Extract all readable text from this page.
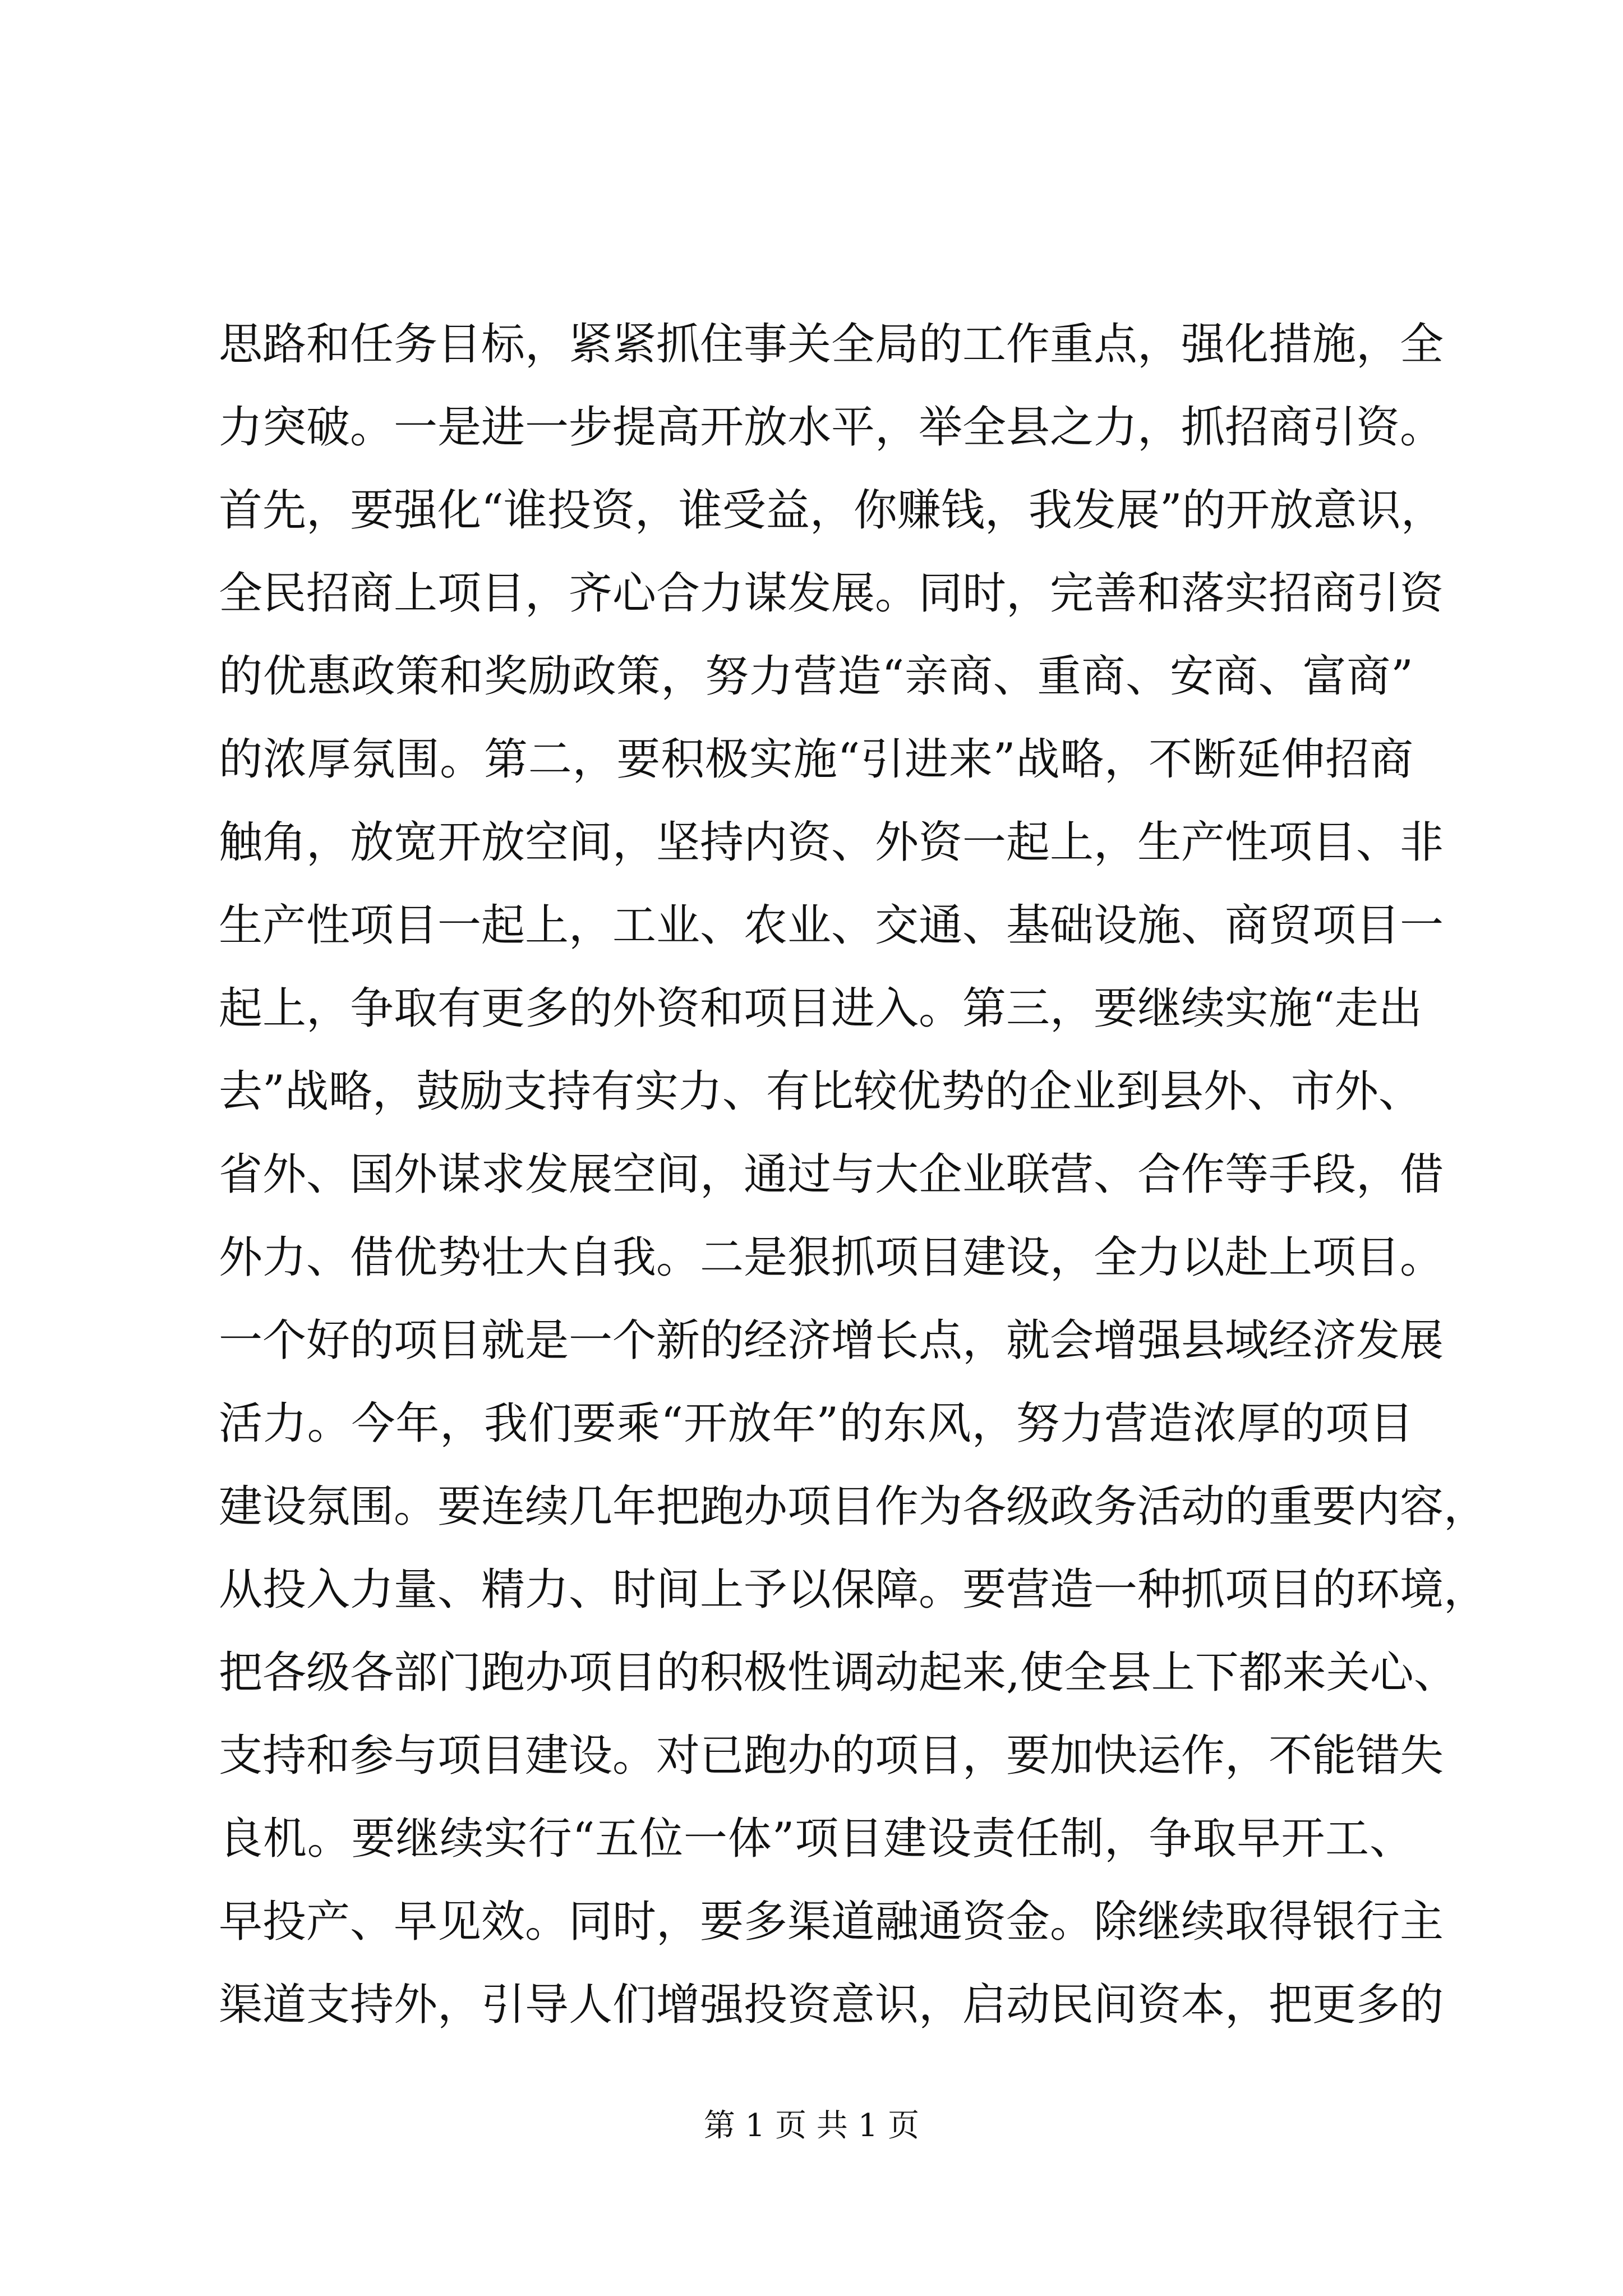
思路和任务目标，紧紧抓住事关全局的工作重点，强化措施，全
力突破。一是进一步提高开放水平，举全县之力，抓招商引资。
首先，要强化“谁投资，谁受益，你赚钱，我发展”的开放意识，
全民招商上项目，齐心合力谋发展。同时，完善和落实招商引资
的优惠政策和奖励政策，努力营造“亲商、重商、安商、富商”
的浓厚氛围。第二，要积极实施“引进来”战略，不断延伸招商
触角，放宽开放空间，坚持内资、外资一起上，生产性项目、非
生产性项目一起上，工业、农业、交通、基础设施、商贸项目一
起上，争取有更多的外资和项目进入。第三，要继续实施“走出
去”战略，鼓励支持有实力、有比较优势的企业到县外、市外、
省外、国外谋求发展空间，通过与大企业联营、合作等手段，借
外力、借优势壮大自我。二是狠抓项目建设，全力以赴上项目。
一个好的项目就是一个新的经济增长点，就会增强县域经济发展
活力。今年，我们要乘“开放年”的东风，努力营造浓厚的项目
建设氛围。要连续几年把跑办项目作为各级政务活动的重要内容，
从投入力量、精力、时间上予以保障。要营造一种抓项目的环境，
把各级各部门跑办项目的积极性调动起来,使全县上下都来关心、
支持和参与项目建设。对已跑办的项目，要加快运作，不能错失
良机。要继续实行“五位一体”项目建设责任制，争取早开工、
早投产、早见效。同时，要多渠道融通资金。除继续取得银行主
渠道支持外，引导人们增强投资意识，启动民间资本，把更多的
第 1 页 共 1 页
